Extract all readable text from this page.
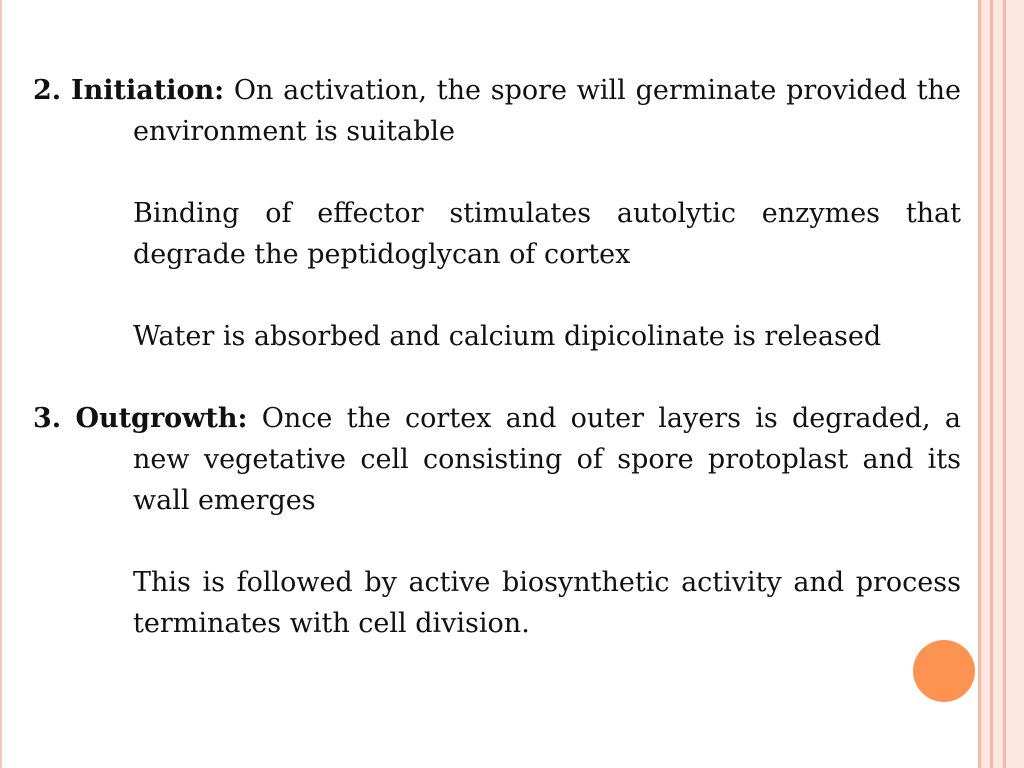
2. Initiation: On activation, the spore will germinate provided the environment is suitable

Binding of effector stimulates autolytic enzymes that degrade the peptidoglycan of cortex

Water is absorbed and calcium dipicolinate is released

3. Outgrowth: Once the cortex and outer layers is degraded, a new vegetative cell consisting of spore protoplast and its wall emerges

This is followed by active biosynthetic activity and process terminates with cell division.
